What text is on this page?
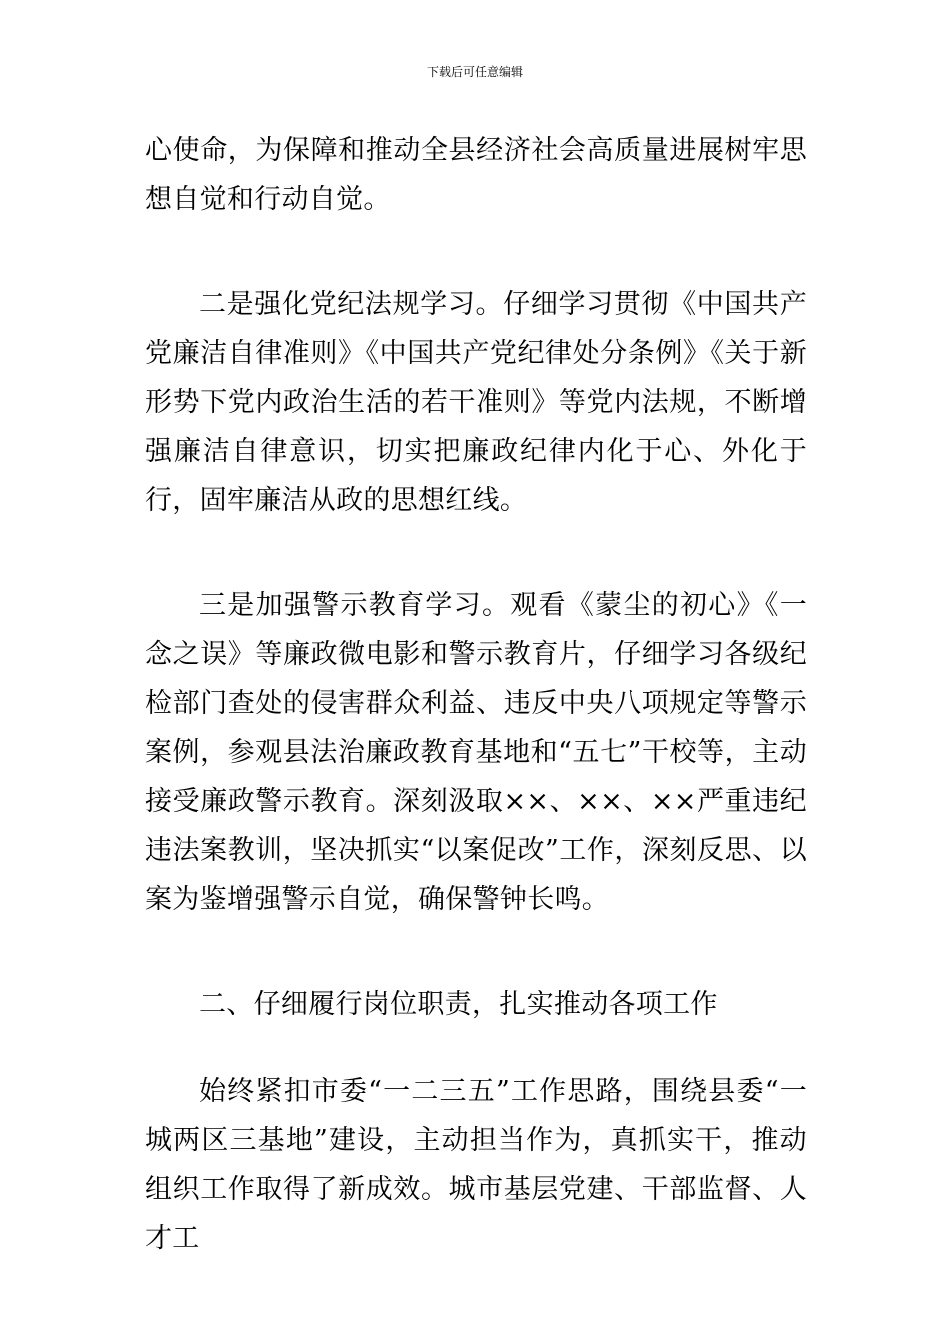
下载后可任意编辑

心使命，为保障和推动全县经济社会高质量进展树牢思想自觉和行动自觉。

二是强化党纪法规学习。仔细学习贯彻《中国共产党廉洁自律准则》《中国共产党纪律处分条例》《关于新形势下党内政治生活的若干准则》等党内法规，不断增强廉洁自律意识，切实把廉政纪律内化于心、外化于行，固牢廉洁从政的思想红线。

三是加强警示教育学习。观看《蒙尘的初心》《一念之误》等廉政微电影和警示教育片，仔细学习各级纪检部门查处的侵害群众利益、违反中央八项规定等警示案例，参观县法治廉政教育基地和“五七”干校等，主动接受廉政警示教育。深刻汲取××、××、××严重违纪违法案教训，坚决抓实“以案促改”工作，深刻反思、以案为鉴增强警示自觉，确保警钟长鸣。

二、仔细履行岗位职责，扎实推动各项工作

始终紧扣市委“一二三五”工作思路，围绕县委“一城两区三基地”建设，主动担当作为，真抓实干，推动组织工作取得了新成效。城市基层党建、干部监督、人才工
